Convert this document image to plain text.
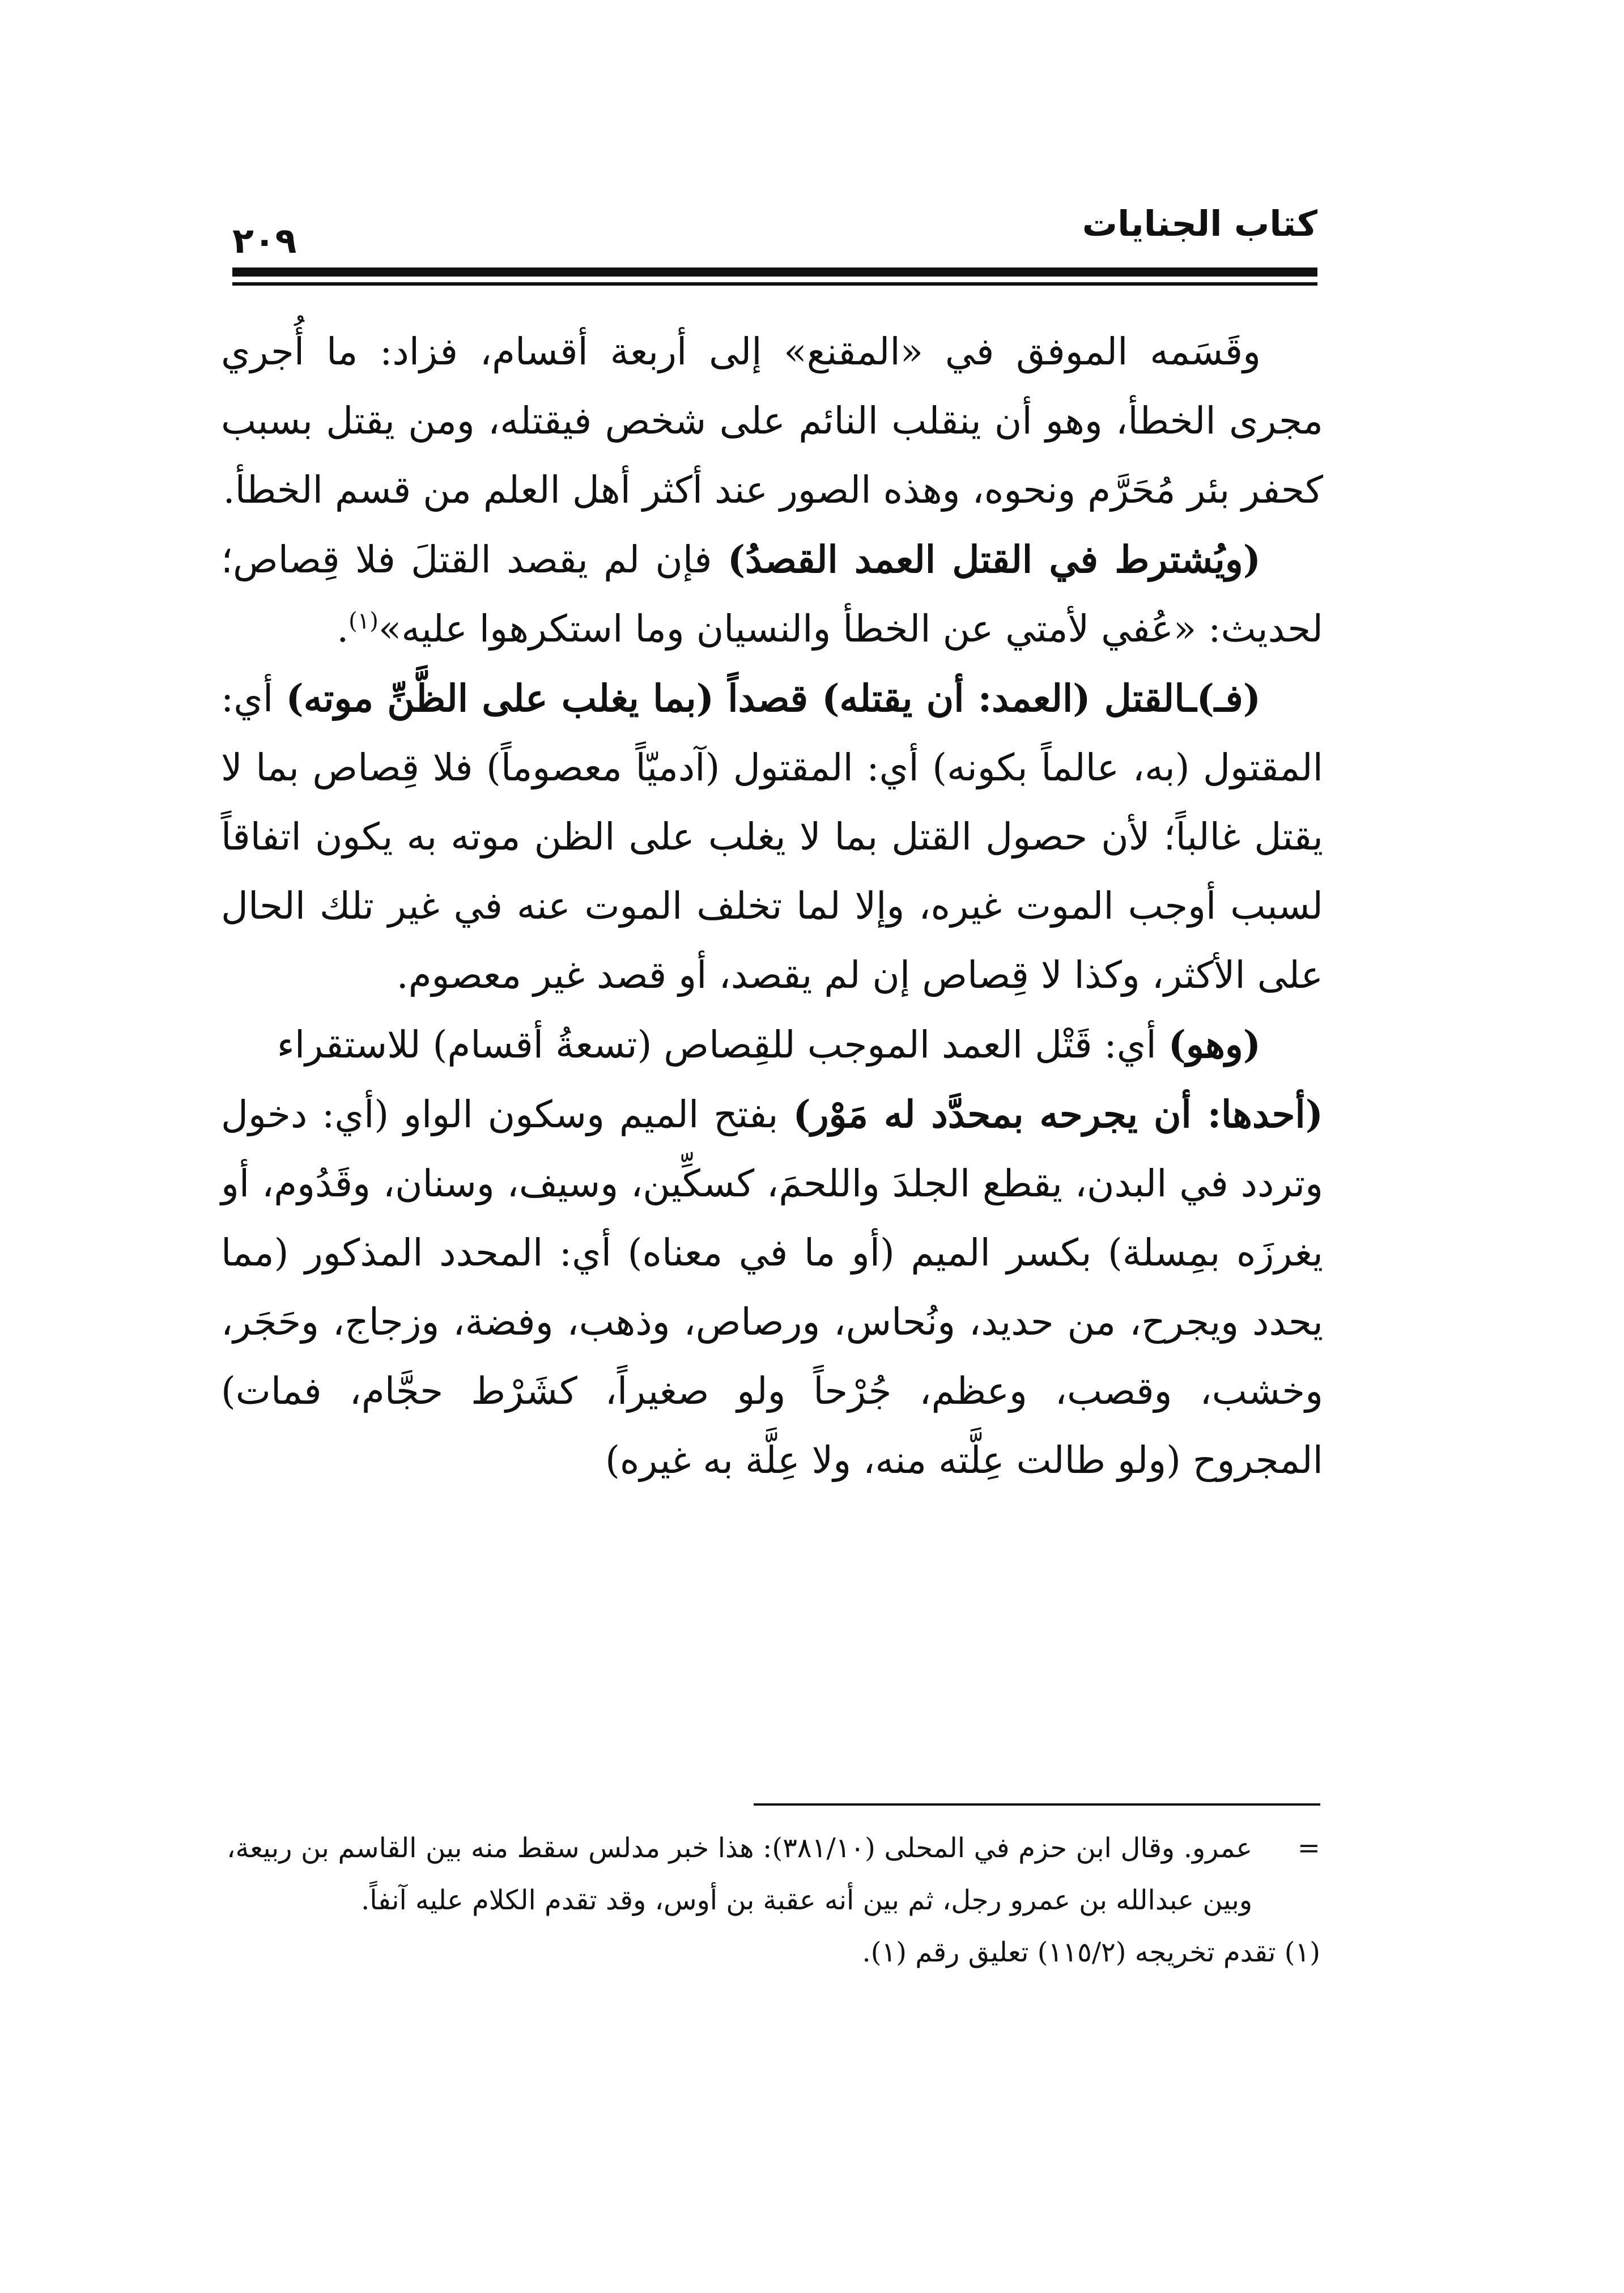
كتاب الجنايات
٢٠٩

وقَسَمه الموفق في «المقنع» إلى أربعة أقسام، فزاد: ما أُجري مجرى الخطأ، وهو أن ينقلب النائم على شخص فيقتله، ومن يقتل بسبب كحفر بئر مُحَرَّم ونحوه، وهذه الصور عند أكثر أهل العلم من قسم الخطأ.

(ويُشترط في القتل العمد القصدُ) فإن لم يقصد القتلَ فلا قِصاص؛ لحديث: «عُفي لأمتي عن الخطأ والنسيان وما استكرهوا عليه»$^{(١)}$.

(فـ)ـالقتل (العمد: أن يقتله) قصداً (بما يغلب على الظَّنِّ موته) أي: المقتول (به، عالماً بكونه) أي: المقتول (آدميّاً معصوماً) فلا قِصاص بما لا يقتل غالباً؛ لأن حصول القتل بما لا يغلب على الظن موته به يكون اتفاقاً لسبب أوجب الموت غيره، وإلا لما تخلف الموت عنه في غير تلك الحال على الأكثر، وكذا لا قِصاص إن لم يقصد، أو قصد غير معصوم.

(وهو) أي: قَتْل العمد الموجب للقِصاص (تسعةُ أقسام) للاستقراء

(أحدها: أن يجرحه بمحدَّد له مَوْر) بفتح الميم وسكون الواو (أي: دخول وتردد في البدن، يقطع الجلدَ واللحمَ، كسكِّين، وسيف، وسنان، وقَدُوم، أو يغرزَه بمِسلة) بكسر الميم (أو ما في معناه) أي: المحدد المذكور (مما يحدد ويجرح، من حديد، ونُحاس، ورصاص، وذهب، وفضة، وزجاج، وحَجَر، وخشب، وقصب، وعظم، جُرْحاً ولو صغيراً، كشَرْط حجَّام، فمات) المجروح (ولو طالت عِلَّته منه، ولا عِلَّة به غيره)

=
عمرو. وقال ابن حزم في المحلى (٣٨١/١٠): هذا خبر مدلس سقط منه بين القاسم بن ربيعة، وبين عبدالله بن عمرو رجل، ثم بين أنه عقبة بن أوس، وقد تقدم الكلام عليه آنفاً.

(١) تقدم تخريجه (١١٥/٢) تعليق رقم (١).
